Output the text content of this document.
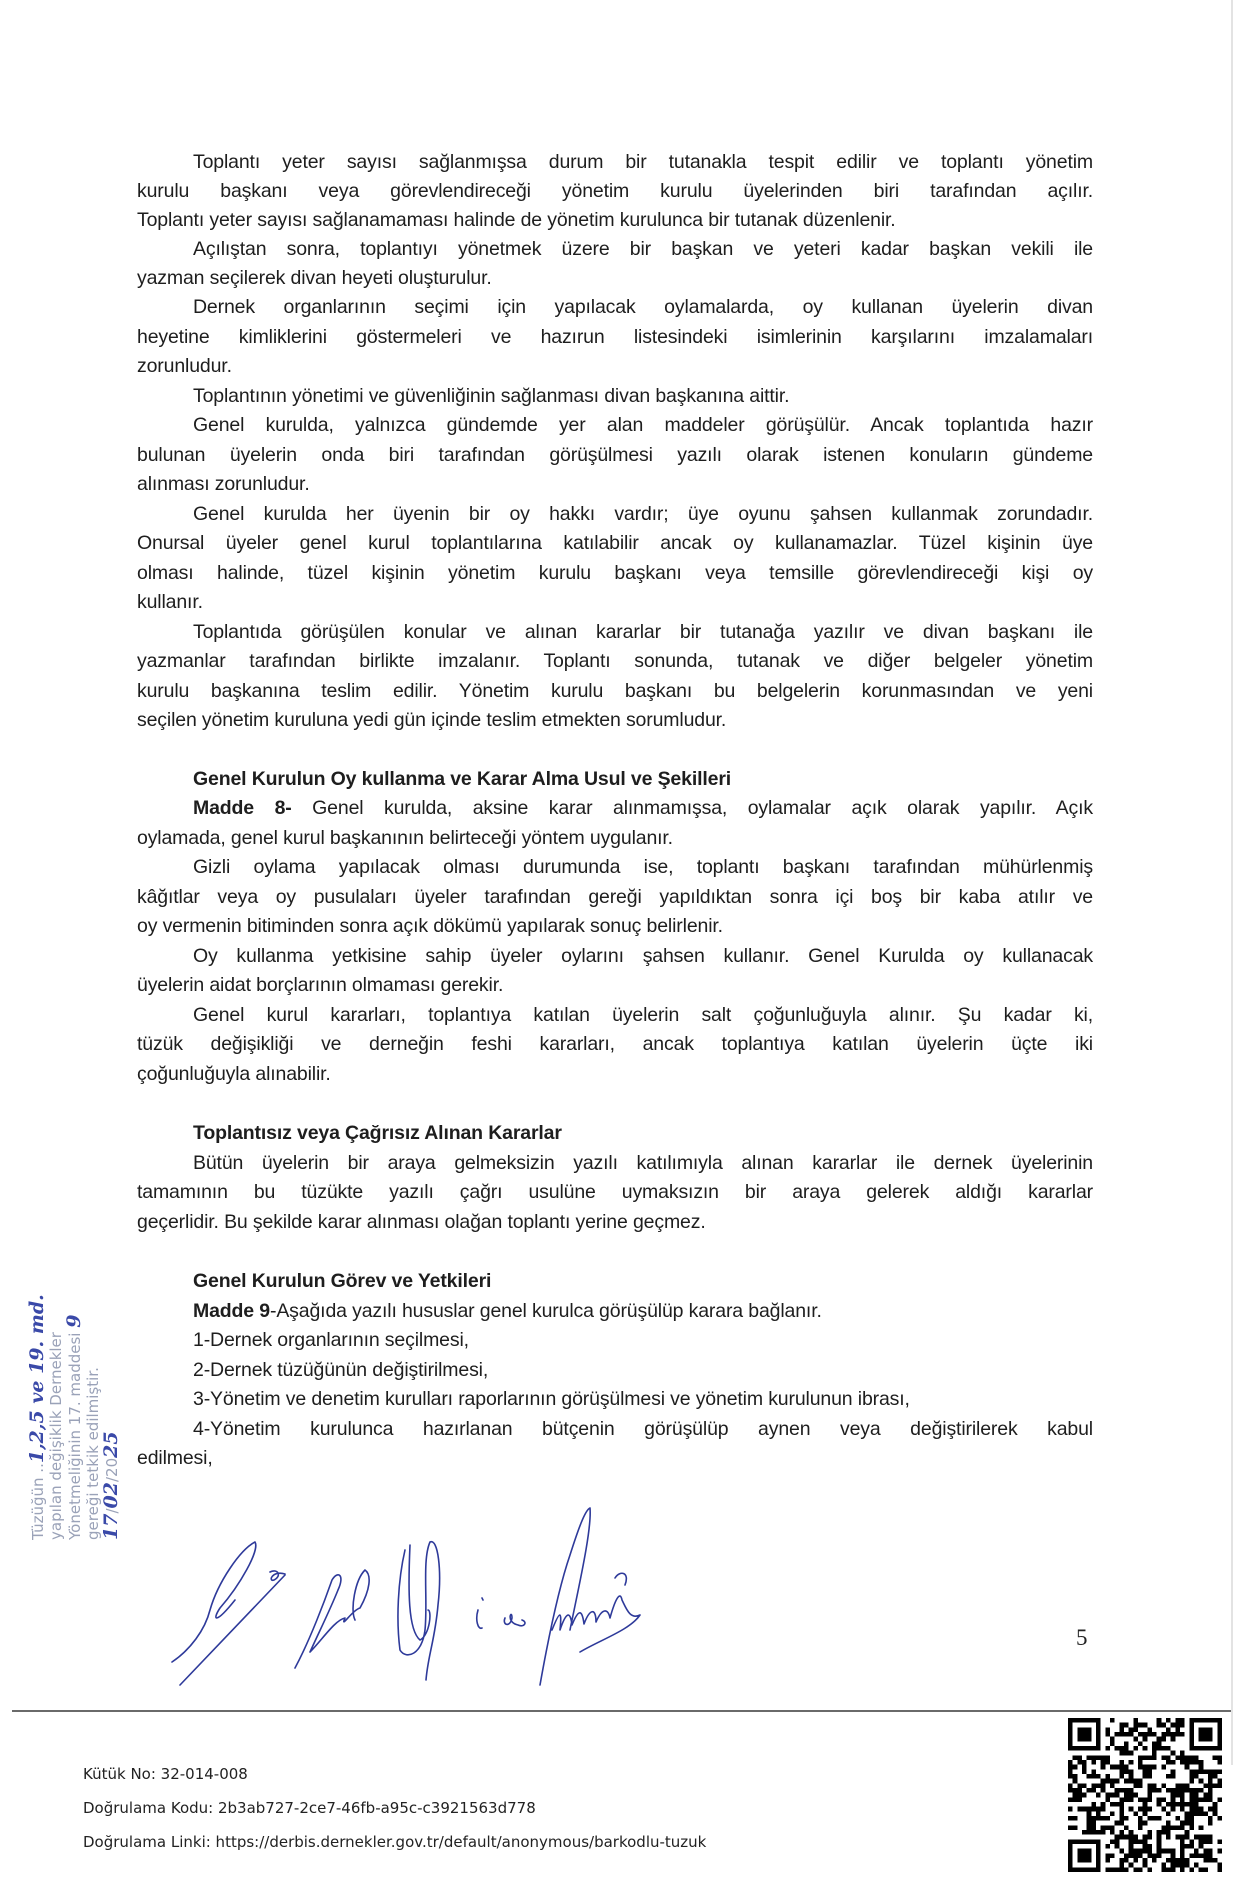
Toplantı yeter sayısı sağlanmışsa durum bir tutanakla tespit edilir ve toplantı yönetim
kurulu başkanı veya görevlendireceği yönetim kurulu üyelerinden biri tarafından açılır.
Toplantı yeter sayısı sağlanamaması halinde de yönetim kurulunca bir tutanak düzenlenir.
Açılıştan sonra, toplantıyı yönetmek üzere bir başkan ve yeteri kadar başkan vekili ile
yazman seçilerek divan heyeti oluşturulur.
Dernek organlarının seçimi için yapılacak oylamalarda, oy kullanan üyelerin divan
heyetine kimliklerini göstermeleri ve hazırun listesindeki isimlerinin karşılarını imzalamaları
zorunludur.
Toplantının yönetimi ve güvenliğinin sağlanması divan başkanına aittir.
Genel kurulda, yalnızca gündemde yer alan maddeler görüşülür. Ancak toplantıda hazır
bulunan üyelerin onda biri tarafından görüşülmesi yazılı olarak istenen konuların gündeme
alınması zorunludur.
Genel kurulda her üyenin bir oy hakkı vardır; üye oyunu şahsen kullanmak zorundadır.
Onursal üyeler genel kurul toplantılarına katılabilir ancak oy kullanamazlar. Tüzel kişinin üye
olması halinde, tüzel kişinin yönetim kurulu başkanı veya temsille görevlendireceği kişi oy
kullanır.
Toplantıda görüşülen konular ve alınan kararlar bir tutanağa yazılır ve divan başkanı ile
yazmanlar tarafından birlikte imzalanır. Toplantı sonunda, tutanak ve diğer belgeler yönetim
kurulu başkanına teslim edilir. Yönetim kurulu başkanı bu belgelerin korunmasından ve yeni
seçilen yönetim kuruluna yedi gün içinde teslim etmekten sorumludur.
Genel Kurulun Oy kullanma ve Karar Alma Usul ve Şekilleri
Madde 8- Genel kurulda, aksine karar alınmamışsa, oylamalar açık olarak yapılır. Açık
oylamada, genel kurul başkanının belirteceği yöntem uygulanır.
Gizli oylama yapılacak olması durumunda ise, toplantı başkanı tarafından mühürlenmiş
kâğıtlar veya oy pusulaları üyeler tarafından gereği yapıldıktan sonra içi boş bir kaba atılır ve
oy vermenin bitiminden sonra açık dökümü yapılarak sonuç belirlenir.
Oy kullanma yetkisine sahip üyeler oylarını şahsen kullanır. Genel Kurulda oy kullanacak
üyelerin aidat borçlarının olmaması gerekir.
Genel kurul kararları, toplantıya katılan üyelerin salt çoğunluğuyla alınır. Şu kadar ki,
tüzük değişikliği ve derneğin feshi kararları, ancak toplantıya katılan üyelerin üçte iki
çoğunluğuyla alınabilir.
Toplantısız veya Çağrısız Alınan Kararlar
Bütün üyelerin bir araya gelmeksizin yazılı katılımıyla alınan kararlar ile dernek üyelerinin
tamamının bu tüzükte yazılı çağrı usulüne uymaksızın bir araya gelerek aldığı kararlar
geçerlidir. Bu şekilde karar alınması olağan toplantı yerine geçmez.
Genel Kurulun Görev ve Yetkileri
Madde 9-Aşağıda yazılı hususlar genel kurulca görüşülüp karara bağlanır.
1-Dernek organlarının seçilmesi,
2-Dernek tüzüğünün değiştirilmesi,
3-Yönetim ve denetim kurulları raporlarının görüşülmesi ve yönetim kurulunun ibrası,
4-Yönetim kurulunca hazırlanan bütçenin görüşülüp aynen veya değiştirilerek kabul
edilmesi,
Tüzüğün ..1,2,5 ve 19. md. yapılan değişiklik Dernekler Yönetmeliğinin 17. maddesi 9
gereği tetkik edilmiştir.
17/02/2025
5
Kütük No: 32-014-008
Doğrulama Kodu: 2b3ab727-2ce7-46fb-a95c-c3921563d778
Doğrulama Linki: https://derbis.dernekler.gov.tr/default/anonymous/barkodlu-tuzuk
